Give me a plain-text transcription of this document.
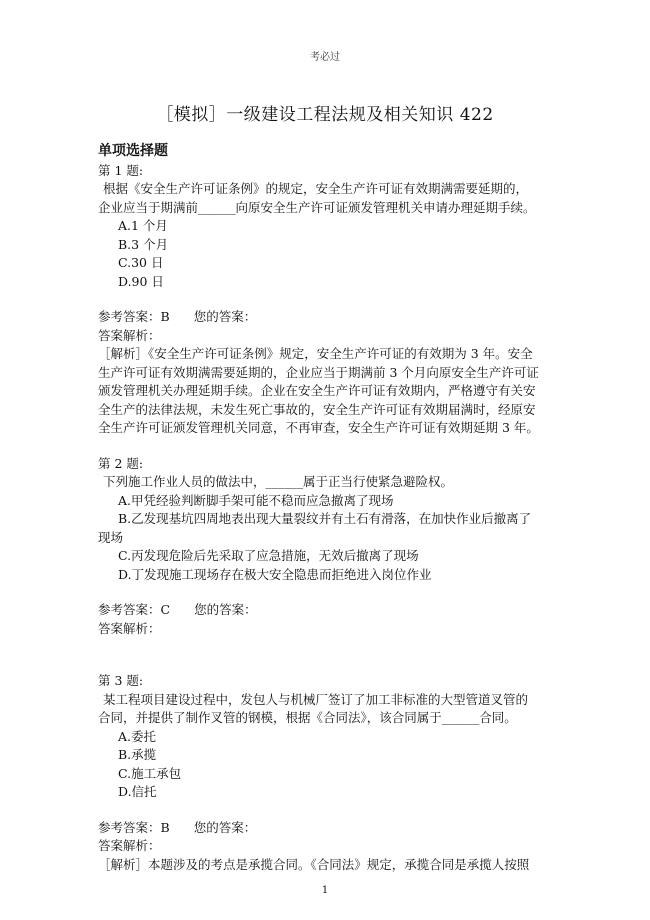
考必过
［模拟］一级建设工程法规及相关知识 422
单项选择题

第 1 题:

根据《安全生产许可证条例》的规定，安全生产许可证有效期满需要延期的，

企业应当于期满前______向原安全生产许可证颁发管理机关申请办理延期手续。

A.1 个月

B.3 个月

C.30 日

D.90 日

参考答案：B 您的答案：

答案解析：

［解析］《安全生产许可证条例》规定，安全生产许可证的有效期为 3 年。安全

生产许可证有效期满需要延期的，企业应当于期满前 3 个月向原安全生产许可证

颁发管理机关办理延期手续。企业在安全生产许可证有效期内，严格遵守有关安

全生产的法律法规，未发生死亡事故的，安全生产许可证有效期届满时，经原安

全生产许可证颁发管理机关同意，不再审查，安全生产许可证有效期延期 3 年。

第 2 题:

下列施工作业人员的做法中，______属于正当行使紧急避险权。

A.甲凭经验判断脚手架可能不稳而应急撤离了现场

B.乙发现基坑四周地表出现大量裂纹并有土石有滑落，在加快作业后撤离了

现场

C.丙发现危险后先采取了应急措施，无效后撤离了现场

D.丁发现施工现场存在极大安全隐患而拒绝进入岗位作业

参考答案：C 您的答案：

答案解析：

第 3 题:

某工程项目建设过程中，发包人与机械厂签订了加工非标准的大型管道叉管的

合同，并提供了制作叉管的钢模，根据《合同法》，该合同属于______合同。

A.委托

B.承揽

C.施工承包

D.信托

参考答案：B 您的答案：

答案解析：

［解析］本题涉及的考点是承揽合同。《合同法》规定，承揽合同是承揽人按照

1
